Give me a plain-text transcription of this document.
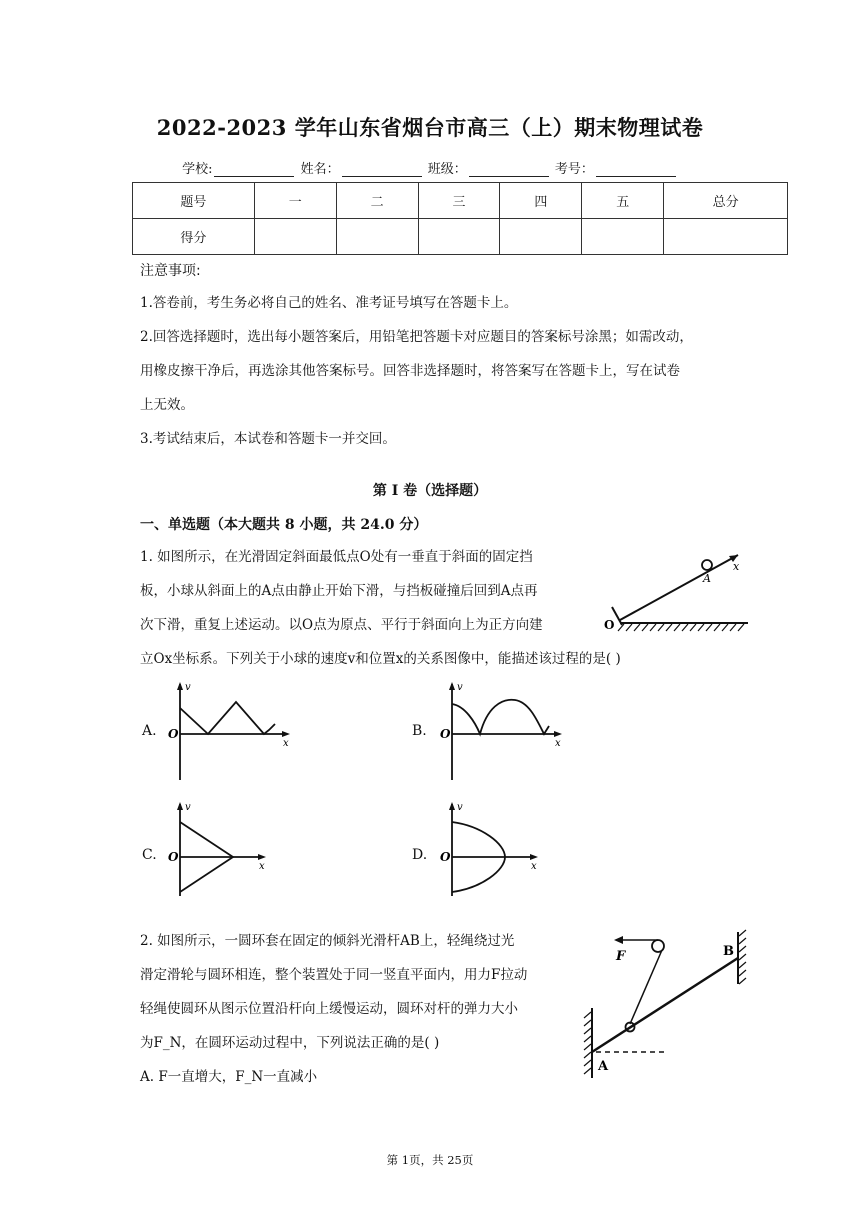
2022-2023 学年山东省烟台市高三（上）期末物理试卷
学校:	姓名：	班级：	考号：
题号	一	二	三	四	五	总分
得分						
注意事项:
1.答卷前，考生务必将自己的姓名、准考证号填写在答题卡上。
2.回答选择题时，选出每小题答案后，用铅笔把答题卡对应题目的答案标号涂黑；如需改动，
用橡皮擦干净后，再选涂其他答案标号。回答非选择题时，将答案写在答题卡上，写在试卷
上无效。
3.考试结束后，本试卷和答题卡一并交回。
第 I 卷（选择题）
一、单选题（本大题共 8 小题，共 24.0 分）
1. 如图所示，在光滑固定斜面最低点O处有一垂直于斜面的固定挡
板，小球从斜面上的A点由静止开始下滑，与挡板碰撞后回到A点再
次下滑，重复上述运动。以O点为原点、平行于斜面向上为正方向建
立Ox坐标系。下列关于小球的速度v和位置x的关系图像中，能描述该过程的是( )
A
x
O
A.	B.
C.	D.
O
v
x
O
v
x
O
v
x
O
v
x
2. 如图所示，一圆环套在固定的倾斜光滑杆AB上，轻绳绕过光
滑定滑轮与圆环相连，整个装置处于同一竖直平面内，用力F拉动
轻绳使圆环从图示位置沿杆向上缓慢运动，圆环对杆的弹力大小
为F_N，在圆环运动过程中，下列说法正确的是( )
A. F一直增大，F_N一直减小
F	B
A
第 1页，共 25页
